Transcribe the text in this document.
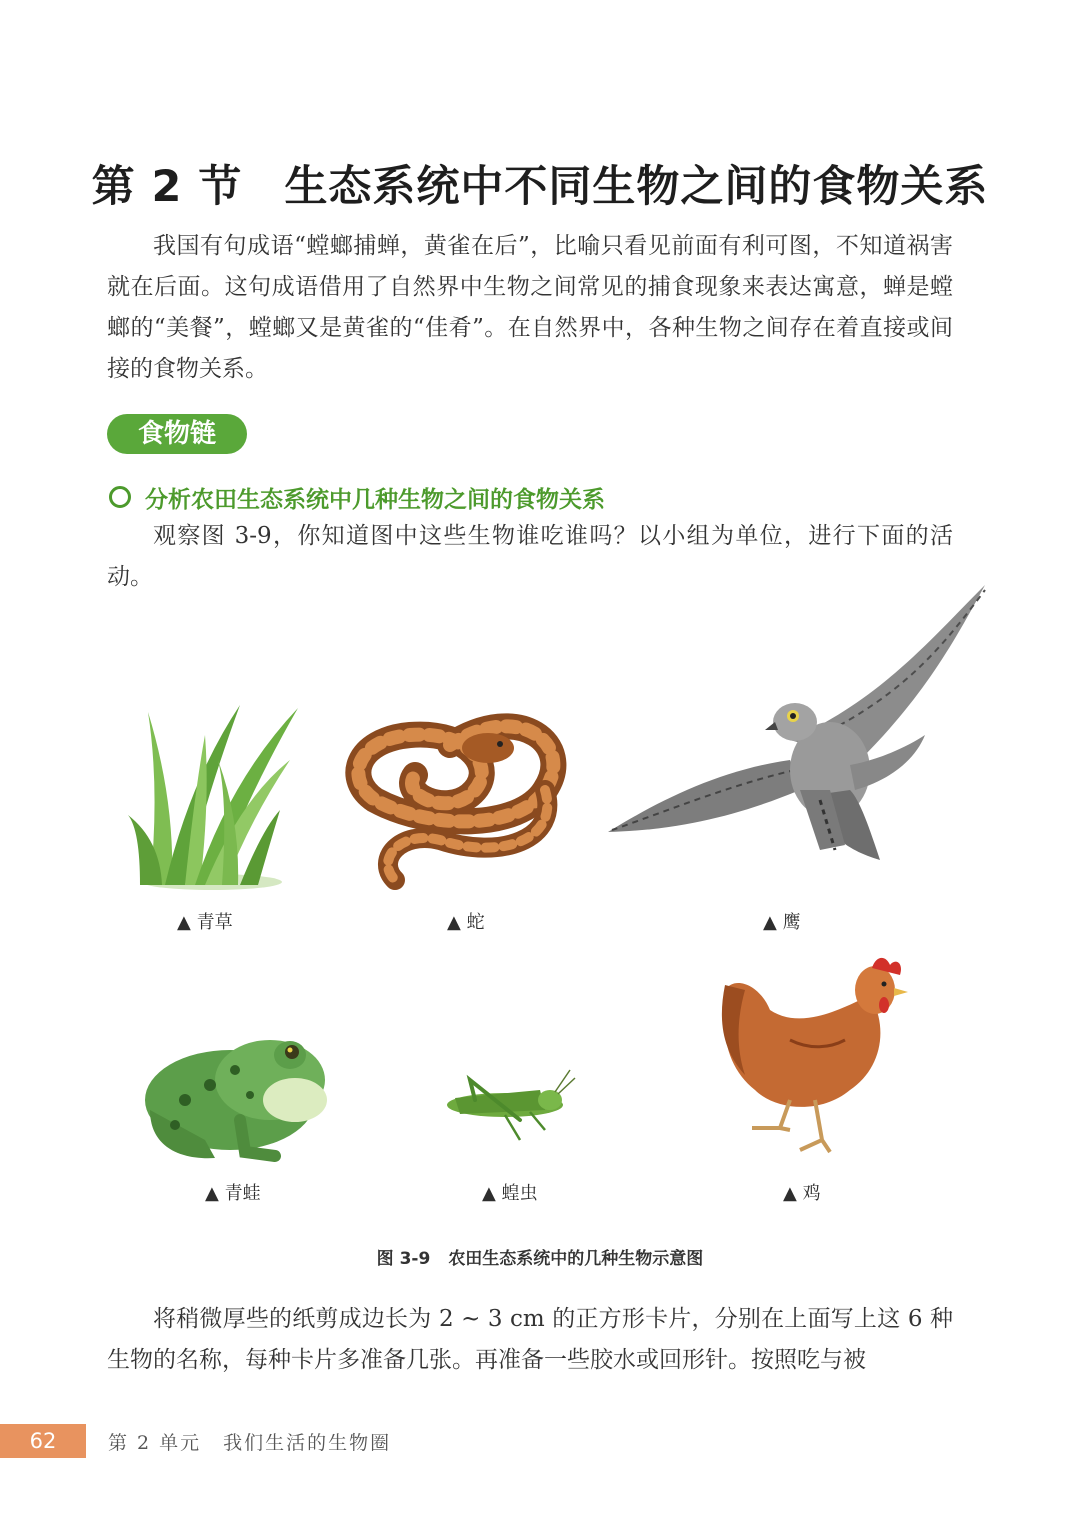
第 2 节 生态系统中不同生物之间的食物关系

我国有句成语“螳螂捕蝉，黄雀在后”，比喻只看见前面有利可图，不知道祸害就在后面。这句成语借用了自然界中生物之间常见的捕食现象来表达寓意，蝉是螳螂的“美餐”，螳螂又是黄雀的“佳肴”。在自然界中，各种生物之间存在着直接或间接的食物关系。

食物链
分析农田生态系统中几种生物之间的食物关系

观察图 3-9，你知道图中这些生物谁吃谁吗？以小组为单位，进行下面的活动。

▲ 青草	▲ 蛇	▲ 鹰
▲ 青蛙	▲ 蝗虫	▲ 鸡
图 3-9 农田生态系统中的几种生物示意图

将稍微厚些的纸剪成边长为 2 ~ 3 cm 的正方形卡片，分别在上面写上这 6 种生物的名称，每种卡片多准备几张。再准备一些胶水或回形针。按照吃与被

62	第 2 单元 我们生活的生物圈
